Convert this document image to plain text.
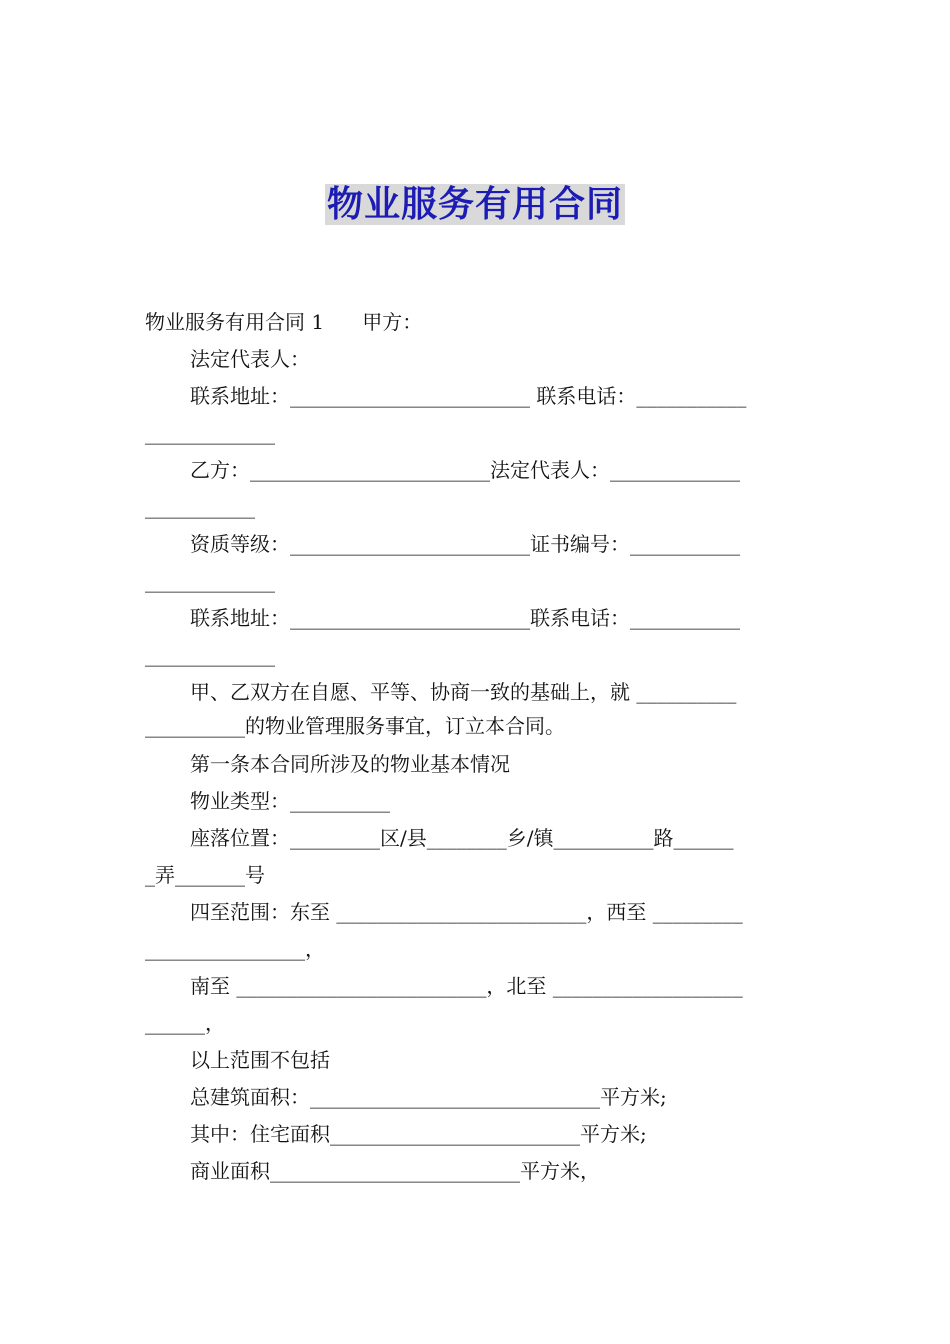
物业服务有用合同
物业服务有用合同 1      甲方：
法定代表人：
联系地址：________________________ 联系电话：___________
_____________
乙方：________________________法定代表人：_____________
___________
资质等级：________________________证书编号：___________
_____________
联系地址：________________________联系电话：___________
_____________
甲、乙双方在自愿、平等、协商一致的基础上，就 __________
__________的物业管理服务事宜，订立本合同。
第一条本合同所涉及的物业基本情况
物业类型：__________
座落位置：_________区/县________乡/镇__________路______
_弄_______号
四至范围：东至 _________________________，西至 _________
________________，
南至 _________________________，北至 ___________________
______，
以上范围不包括
总建筑面积：_____________________________平方米;
其中：住宅面积_________________________平方米;
商业面积_________________________平方米，
